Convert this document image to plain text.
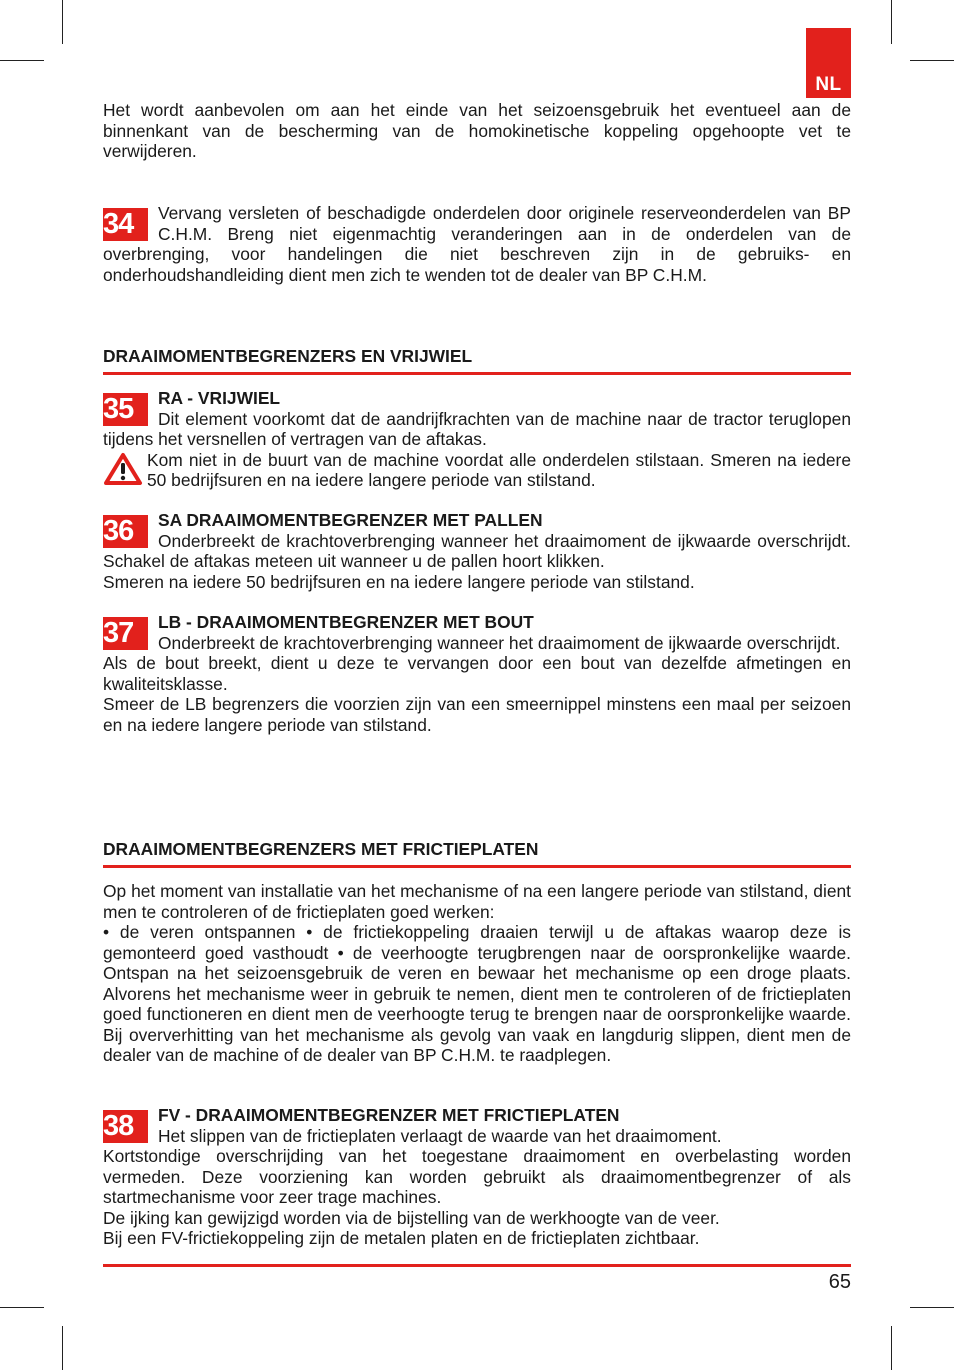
NL

Het wordt aanbevolen om aan het einde van het seizoensgebruik het eventueel aan de binnenkant van de bescherming van de homokinetische koppeling opgehoopte vet te verwijderen.

34	Vervang versleten of beschadigde onderdelen door originele reserveonderdelen van BP C.H.M. Breng niet eigenmachtig veranderingen aan in de onderdelen van de overbrenging, voor handelingen die niet beschreven zijn in de gebruiks- en onderhoudshandleiding dient men zich te wenden tot de dealer van BP C.H.M.

DRAAIMOMENTBEGRENZERS EN VRIJWIEL
35	RA - VRIJWIEL

Dit element voorkomt dat de aandrijfkrachten van de machine naar de tractor teruglopen tijdens het versnellen of vertragen van de aftakas.

Kom niet in de buurt van de machine voordat alle onderdelen stilstaan. Smeren na iedere 50 bedrijfsuren en na iedere langere periode van stilstand.

36	SA DRAAIMOMENTBEGRENZER MET PALLEN

Onderbreekt de krachtoverbrenging wanneer het draaimoment de ijkwaarde overschrijdt. Schakel de aftakas meteen uit wanneer u de pallen hoort klikken.

Smeren na iedere 50 bedrijfsuren en na iedere langere periode van stilstand.

37	LB - DRAAIMOMENTBEGRENZER MET BOUT

Onderbreekt de krachtoverbrenging wanneer het draaimoment de ijkwaarde overschrijdt.

Als de bout breekt, dient u deze te vervangen door een bout van dezelfde afmetingen en kwaliteitsklasse.

Smeer de LB begrenzers die voorzien zijn van een smeernippel minstens een maal per seizoen en na iedere langere periode van stilstand.

DRAAIMOMENTBEGRENZERS MET FRICTIEPLATEN

Op het moment van installatie van het mechanisme of na een langere periode van stilstand, dient men te controleren of de frictieplaten goed werken:

• de veren ontspannen • de frictiekoppeling draaien terwijl u de aftakas waarop deze is gemonteerd goed vasthoudt • de veerhoogte terugbrengen naar de oorspronkelijke waarde. Ontspan na het seizoensgebruik de veren en bewaar het mechanisme op een droge plaats. Alvorens het mechanisme weer in gebruik te nemen, dient men te controleren of de frictieplaten goed functioneren en dient men de veerhoogte terug te brengen naar de oorspronkelijke waarde. Bij oververhitting van het mechanisme als gevolg van vaak en langdurig slippen, dient men de dealer van de machine of de dealer van BP C.H.M. te raadplegen.

38	FV - DRAAIMOMENTBEGRENZER MET FRICTIEPLATEN

Het slippen van de frictieplaten verlaagt de waarde van het draaimoment.

Kortstondige overschrijding van het toegestane draaimoment en overbelasting worden vermeden. Deze voorziening kan worden gebruikt als draaimomentbegrenzer of als startmechanisme voor zeer trage machines.

De ijking kan gewijzigd worden via de bijstelling van de werkhoogte van de veer.

Bij een FV-frictiekoppeling zijn de metalen platen en de frictieplaten zichtbaar.

65
